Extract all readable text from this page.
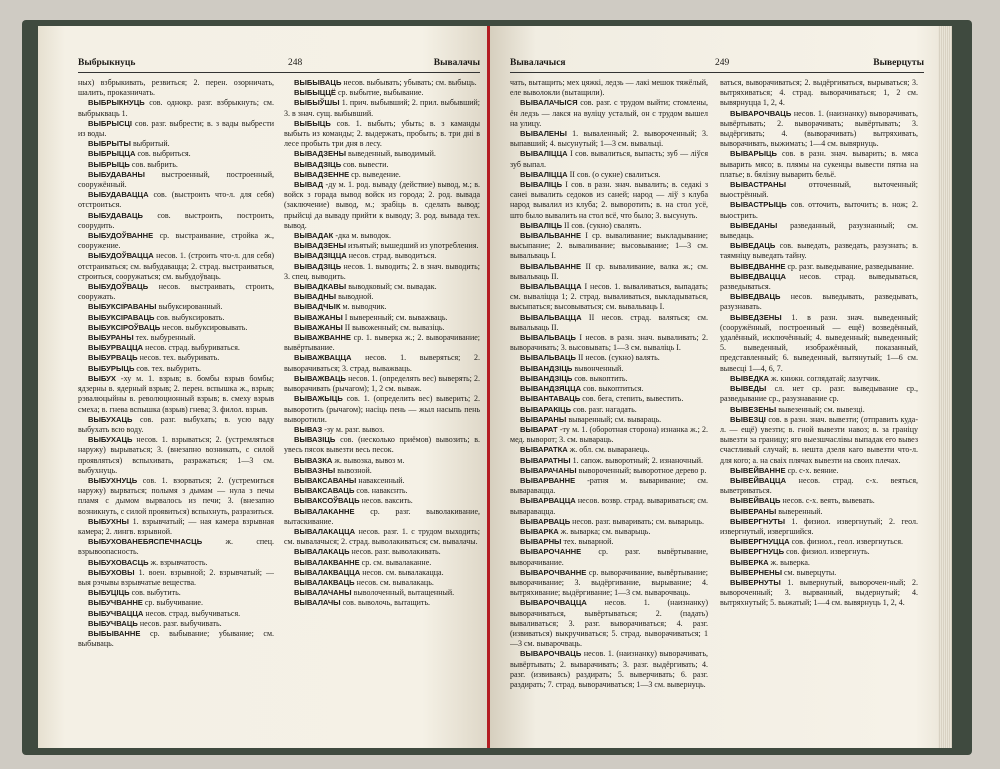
Выбрыкнуць	248	Вывалачы

ныx) взбрыкивать, резвиться; 2. перен. озорничать, шалить, проказничать.

ВЫБРЫКНУЦЬ сов. однокр. разг. взбрыкнуть; см. выбрыкваць 1.

ВЫБРЫСЦІ сов. разг. выбрести; в. з вады выбрести из воды.

ВЫБРЫТЫ выбритый.

ВЫБРЫЦЦА сов. выбриться.

ВЫБРЫЦЬ сов. выбрить.

ВЫБУДАВАНЫ выстроенный, построенный, сооружённый.

ВЫБУДАВАЦЦА сов. (выстроить что-л. для себя) отстроиться.

ВЫБУДАВАЦЬ сов. выстроить, построить, соорудить.

ВЫБУДОЎВАННЕ ср. выстраивание, стройка ж., сооружение.

ВЫБУДОЎВАЦЦА несов. 1. (строить что-л. для себя) отстраиваться; см. выбудавацца; 2. страд. выстраиваться, строиться, сооружаться; см. выбудоўваць.

ВЫБУДОЎВАЦЬ несов. выстраивать, строить, сооружать.

ВЫБУКСІРАВАНЫ выбуксированный.

ВЫБУКСІРАВАЦЬ сов. выбуксировать.

ВЫБУКСІРОЎВАЦЬ несов. выбуксировывать.

ВЫБУРАНЫ тех. выбуренный.

ВЫБУРВАЦЦА несов. страд. выбуриваться.

ВЫБУРВАЦЬ несов. тех. выбуривать.

ВЫБУРЫЦЬ сов. тех. выбурить.

ВЫБУХ -ху м. 1. взрыв; в. бомбы взрыв бомбы; ядзерны в. ядерный взрыв; 2. перен. вспышка ж., взрыв; рэвалюцыйны в. революционный взрыв; в. смеху взрыв смеха; в. гнева вспышка (взрыв) гнева; 3. филол. взрыв.

ВЫБУХАЦЬ сов. разг. выбухать; в. усю ваду выбухать всю воду.

ВЫБУХАЦЬ несов. 1. взрываться; 2. (устремляться наружу) вырываться; 3. (внезапно возникать, с силой проявляться) вспыхивать, разражаться; 1—3 см. выбухнуць.

ВЫБУХНУЦЬ сов. 1. взорваться; 2. (устремиться наружу) вырваться; полымя з дымам — нула з печы пламя с дымом вырвалось из печи; 3. (внезапно возникнуть, с силой проявиться) вспыхнуть, разразиться.

ВЫБУХНЫ 1. взрывчатый; — ная камера взрывная камера; 2. лингв. взрывной.

ВЫБУХОВАНЕБЯСПЕЧНАСЦЬ	ж. спец. взрывоопасность.

ВЫБУХОВАСЦЬ ж. взрывчатость.

ВЫБУХОВЫ 1. воен. взрывной; 2. взрывчатый; — выя рэчывы взрывчатые вещества.

ВЫБУЦІЦЬ сов. выбутить.

ВЫБУЧВАННЕ ср. выбучивание.

ВЫБУЧВАЦЦА несов. страд. выбучиваться.

ВЫБУЧВАЦЬ несов. разг. выбучивать.

ВЫБЫВАННЕ ср. выбывание; убывание; см. выбываць.

ВЫБЫВАЦЬ несов. выбывать; убывать; см. выбыць.

ВЫБЫЦЦЁ ср. выбытие, выбывание.

ВЫБЫЎШЫ 1. прич. выбывший; 2. прил. выбывший; 3. в знач. сущ. выбывший.

ВЫБЫЦЬ сов. 1. выбыть; убыть; в. з каманды выбыть из команды; 2. выдержать, пробыть; в. три дні в лесе пробыть три дня в лесу.

ВЫВАДЗЕНЫ выведенный, выводимый.

ВЫВАДЗІЦЬ сов. вывести.

ВЫВАДЗЕННЕ ср. выведение.

ВЫВАД -ду м. 1. род. вываду (действие) вывод, м.; в. войск з горада вывод войск из города; 2. род. вывада (заключение) вывод, м.; зрабіць в. сделать вывод; прыйсці да вываду прийти к выводу; 3. род. вывада тех. вывод.

ВЫВАДАК -дка м. выводок.

ВЫВАДЗЕНЫ изъятый; вышедший из употребления.

ВЫВАДЗІЦЦА несов. страд. выводиться.

ВЫВАДЗІЦЬ несов. 1. выводить; 2. в знач. выводить; 3. спец. выводить.

ВЫВАДКАВЫ выводковый; см. вывадак.

ВЫВАДНЫ выводной.

ВЫВАДЧЫК м. выводчик.

ВЫВАЖАНЫ I выверенный; см. выважваць.

ВЫВАЖАНЫ II вывоженный; см. вывазіць.

ВЫВАЖВАННЕ ср. 1. выверка ж.; 2. выворачивание; вывёртывание.

ВЫВАЖВАЦЦА несов. 1. выверяться; 2. выворачиваться; 3. страд. выважваць.

ВЫВАЖВАЦЬ несов. 1. (определять вес) выверять; 2. выворачивать (рычагом); 1, 2 см. вываж.

ВЫВАЖЫЦЬ сов. 1. (определить вес) выверить; 2. выворотить (рычагом); насіць пень — жыл насыпь пень выворотили.

ВЫВАЗ -зу м. разг. вывоз.

ВЫВАЗІЦЬ сов. (несколько приёмов) вывозить; в. увесь пясок вывезти весь песок.

ВЫВАЗКА ж. вывозка, вывоз м.

ВЫВАЗНЫ вывозной.

ВЫВАКСАВАНЫ наваксенный.

ВЫВАКСАВАЦЬ сов. навакснть.

ВЫВАКСОЎВАЦЬ несов. ваксить.

ВЫВАЛАКАННЕ ср. разг. выволакивание, вытаскивание.

ВЫВАЛАКАЦЦА несов. разг. 1. с трудом выходить; см. вывалачыся; 2. страд. выволакиваться; см. вывалачы.

ВЫВАЛАКАЦЬ несов. разг. выволакивать.

ВЫВАЛАКВАННЕ ср. см. вывалаканне.

ВЫВАЛАКВАЦЦА несов. см. вывалакацца.

ВЫВАЛАКВАЦЬ несов. см. вывалакаць.

ВЫВАЛАЧАНЫ выволоченный, вытащенный.

ВЫВАЛАЧЫ сов. выволочь, вытащить.

Вывалачыся	249	Выверцуты

чать, вытащить; мех цяжкі, ледзь — лакі мешок тяжёлый, еле выволокли (вытащили).

ВЫВАЛАЧЫСЯ сов. разг. с трудом выйти; стомлены, ён ледзь — лакся на вуліцу усталый, он с трудом вышел на улицу.

ВЫВАЛЕНЫ 1. вываленный; 2. вывороченный; 3. выпавший; 4. высунутый; 1—3 см. вывальці.

ВЫВАЛІЦЦА I сов. вывалиться, выпасть; зуб — ліўся зуб выпал.

ВЫВАЛІЦЦА II сов. (о сукне) свалиться.

ВЫВАЛІЦЬ I сов. в разн. знач. вывалить; в. седакі з санеі вывалить седоков из саней; народ — ліў з клуба народ вывалил из клуба; 2. выворотить; в. на стол усё, што было вывалить на стол всё, что было; 3. высунуть.

ВЫВАЛІЦЬ II сов. (сукно) свалять.

ВЫВАЛЬВАННЕ I ср. вываливание; выкладывание; высыпание; 2. вываливание; высовывание; 1—3 см. вывальваць I.

ВЫВАЛЬВАННЕ II ср. вываливание, валка ж.; см. вывальваць II.

ВЫВАЛЬВАЦЦА I несов. 1. вываливаться, выпадать; см. вываліцца 1; 2. страд. вываливаться, выкладываться, высыпаться; высовываться; см. вывальваць I.

ВЫВАЛЬВАЦЦА II несов. страд. валяться; см. вывальваць II.

ВЫВАЛЬВАЦЬ I несов. в разн. знач. вываливать; 2. выворачивать; 3. высовывать; 1—3 см. вываліць I.

ВЫВАЛЬВАЦЬ II несов. (сукно) валять.

ВЫВАНДЗІЦЬ вывонченный.

ВЫВАНДЗІЦЬ сов. выкоптить.

ВЫВАНДЗЯЦЦА сов. выкоптиться.

ВЫВАНТАВАЦЬ сов. бега, степить, вывестить.

ВЫВАРАКІЦЬ сов. разг. нагадать.

ВЫВАРАНЫ вываренный; см. вывараць.

ВЫВАРАТ -ту м. 1. (оборотная сторона) изнанка ж.; 2. мед. выворот; 3. см. вывараць.

ВЫВАРАТКА ж. обл. см. вываранець.

ВЫВАРАТНЫ 1. сапож. выворотный; 2. изнаночный.

ВЫВАРАЧАНЫ вывороченный; выворотное дерево р.

ВЫВАРВАННЕ -ратня м. вываривание; см. вываравацца.

ВЫВАРВАЦЦА несов. возвр. страд. вывариваться; см. вываравацца.

ВЫВАРВАЦЬ несов. разг. вываривать; см. выварыць.

ВЫВАРКА ж. выварка; см. выварыць.

ВЫВАРНЫ тех. выварной.

ВЫВАРОЧАННЕ ср. разг. вывёртывание, выворачивание.

ВЫВАРОЧВАННЕ ср. выворачивание, вывёртывание; выворачивание; 3. выдёргивание, вырывание; 4. вытряхивание; выдёргивание; 1—3 см. выварочваць.

ВЫВАРОЧВАЦЦА несов. 1. (наизнанку) выворачиваться, вывёртываться; 2. (падать) вываливаться; 3. разг. выворачиваться; 4. разг. (извиваться) выкручиваться; 5. страд. выворачиваться; 1—3 см. выварочваць.

ВЫВАРОЧВАЦЬ несов. 1. (наизнанку) выворачивать, вывёртывать; 2. выварачивать; 3. разг. выдёргивать; 4. разг. (извиваясь) раздирать; 5. выверчивать; 6. разг. раздирать; 7. страд. выворачиваться; 1—3 см. вывернуць.

ваться, выворачиваться; 2. выдёргиваться, вырываться; 3. вытряхиваться; 4. страд. выворачиваться; 1, 2 см. вывярнуцца 1, 2, 4.

ВЫВАРОЧВАЦЬ несов. 1. (наизнанку) выворачивать, вывёртывать; 2. выворачивать; вывёртывать; 3. выдёргивать; 4. (выворачивать) вытряхивать, выворачивать, выжимать; 1—4 см. вывярнуць.

ВЫВАРЫЦЬ сов. в разн. знач. выварить; в. мяса выварить мясо; в. плямы на сукенцы вывести пятна на платье; в. бялізну выварить бельё.

ВЫВАСТРАНЫ	отточенный, выточенный; выострённый.

ВЫВАСТРЫЦЬ сов. отточить, выточить; в. нож; 2. выострить.

ВЫВЕДАНЫ разведанный, разузнанный; см. выведаць.

ВЫВЕДАЦЬ сов. выведать, разведать, разузнать; в. таямніцу выведать тайну.

ВЫВЕДВАННЕ ср. разг. выведывание, разведывание.

ВЫВЕДВАЦЦА несов. страд. выведываться, разведываться.

ВЫВЕДВАЦЬ несов. выведывать, разведывать, разузнавать.

ВЫВЕДЗЕНЫ 1. в разн. знач. выведенный; (сооружённый, построенный — ещё) возведённый, удалённый, исключённый; 4. выведенный; выведенный; 5. выведенный, изображённый, показанный, представленный; 6. выведенный, вытянутый; 1—6 см. вывесці 1—4, 6, 7.

ВЫВЕДКА ж. книжн. соглядатай; лазутчик.

ВЫВЕДЫ сл. нет ср. разг. выведывание ср., разведывание ср., разузнавание ср.

ВЫВЕЗЕНЫ вывезенный; см. вывезці.

ВЫВЕЗЦІ сов. в разн. знач. вывезти; (отправить куда-л. — ещё) увезти; в. гной вывезти навоз; в. за граніцу вывезти за границу; яго выезшчаслівы выпадак его вывез счастливый случай; в. нешта дзеля каго вывезти что-л. для кого; а. на сваіх плячах вывезти на своих плечах.

ВЫВЕЙВАННЕ ср. с-х. веяние.

ВЫВЕЙВАЦЦА несов. страд. с-х. веяться, выветриваться.

ВЫВЕЙВАЦЬ несов. с-х. веять, вывевать.

ВЫВЕРАНЫ выверенный.

ВЫВЕРГНУТЫ 1. физиол. извергнутый; 2. геол. извергнутый, извергшийся.

ВЫВЕРГНУЦЦА сов. физиол., геол. извергнуться.

ВЫВЕРГНУЦЬ сов. физиол. извергнуть.

ВЫВЕРКА ж. выверка.

ВЫВЕРНЕНЫ см. выверцуты.

ВЫВЕРНУТЫ 1. вывернутый, выворочен-ный; 2. вывороченный; 3. вырванный, выдернутый; 4. вытряхнутый; 5. выжатый; 1—4 см. вывярнуць 1, 2, 4.
